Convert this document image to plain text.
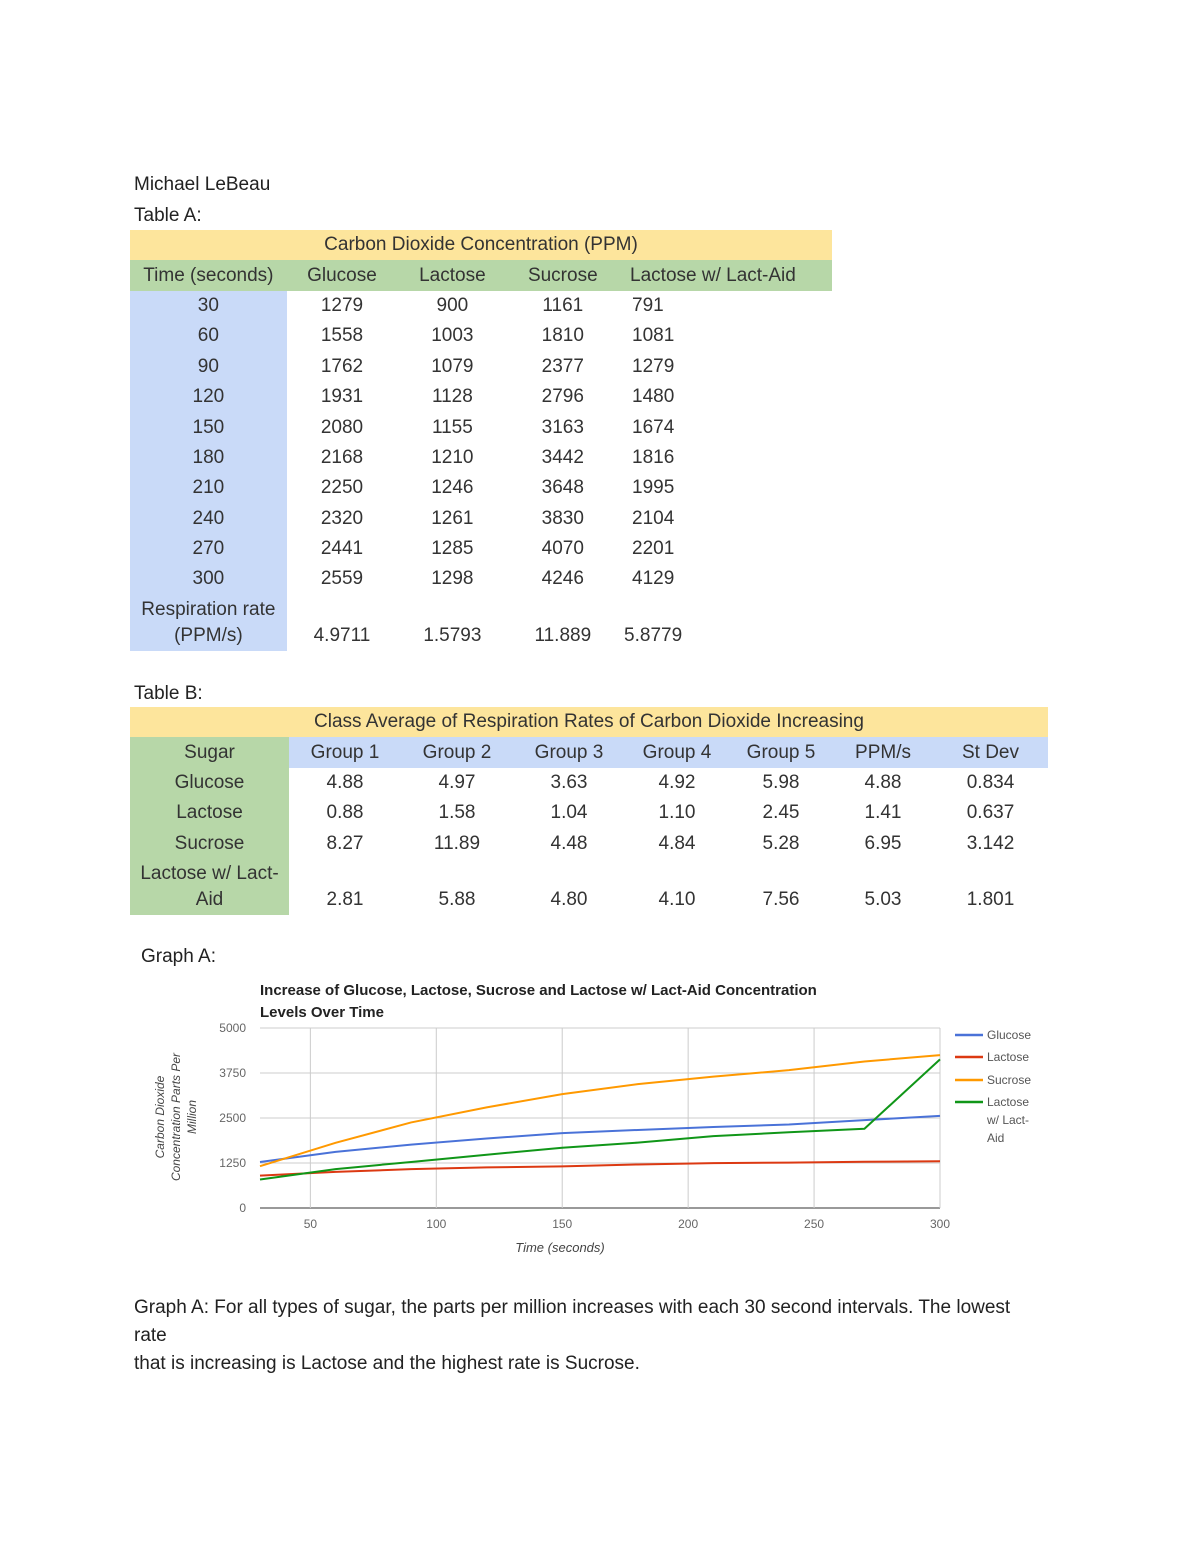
Michael LeBeau
Table A:
Carbon Dioxide Concentration (PPM)				
Time (seconds)	Glucose	Lactose	Sucrose	Lactose w/ Lact-Aid
30	1279	900	1161	791
60	1558	1003	1810	1081
90	1762	1079	2377	1279
120	1931	1128	2796	1480
150	2080	1155	3163	1674
180	2168	1210	3442	1816
210	2250	1246	3648	1995
240	2320	1261	3830	2104
270	2441	1285	4070	2201
300	2559	1298	4246	4129
Respiration rate
(PPM/s)	4.9711	1.5793	11.889	5.8779
Table B:
Class Average of Respiration Rates of Carbon Dioxide Increasing							
Sugar	Group 1	Group 2	Group 3	Group 4	Group 5	PPM/s	St Dev
Glucose	4.88	4.97	3.63	4.92	5.98	4.88	0.834
Lactose	0.88	1.58	1.04	1.10	2.45	1.41	0.637
Sucrose	8.27	11.89	4.48	4.84	5.28	6.95	3.142
Lactose w/ Lact-
Aid	2.81	5.88	4.80	4.10	7.56	5.03	1.801
Graph A:
Increase of Glucose, Lactose, Sucrose and Lactose w/ Lact-Aid Concentration
Levels Over Time
0
1250
2500
3750
5000
50	100	150	200	250	300
Glucose
Lactose
Sucrose
Lactose
w/ Lact-
Aid
Time (seconds)
Carbon Dioxide Concentration Parts Per Million
Graph A: For all types of sugar, the parts per million increases with each 30 second intervals. The lowest
rate
that is increasing is Lactose and the highest rate is Sucrose.
